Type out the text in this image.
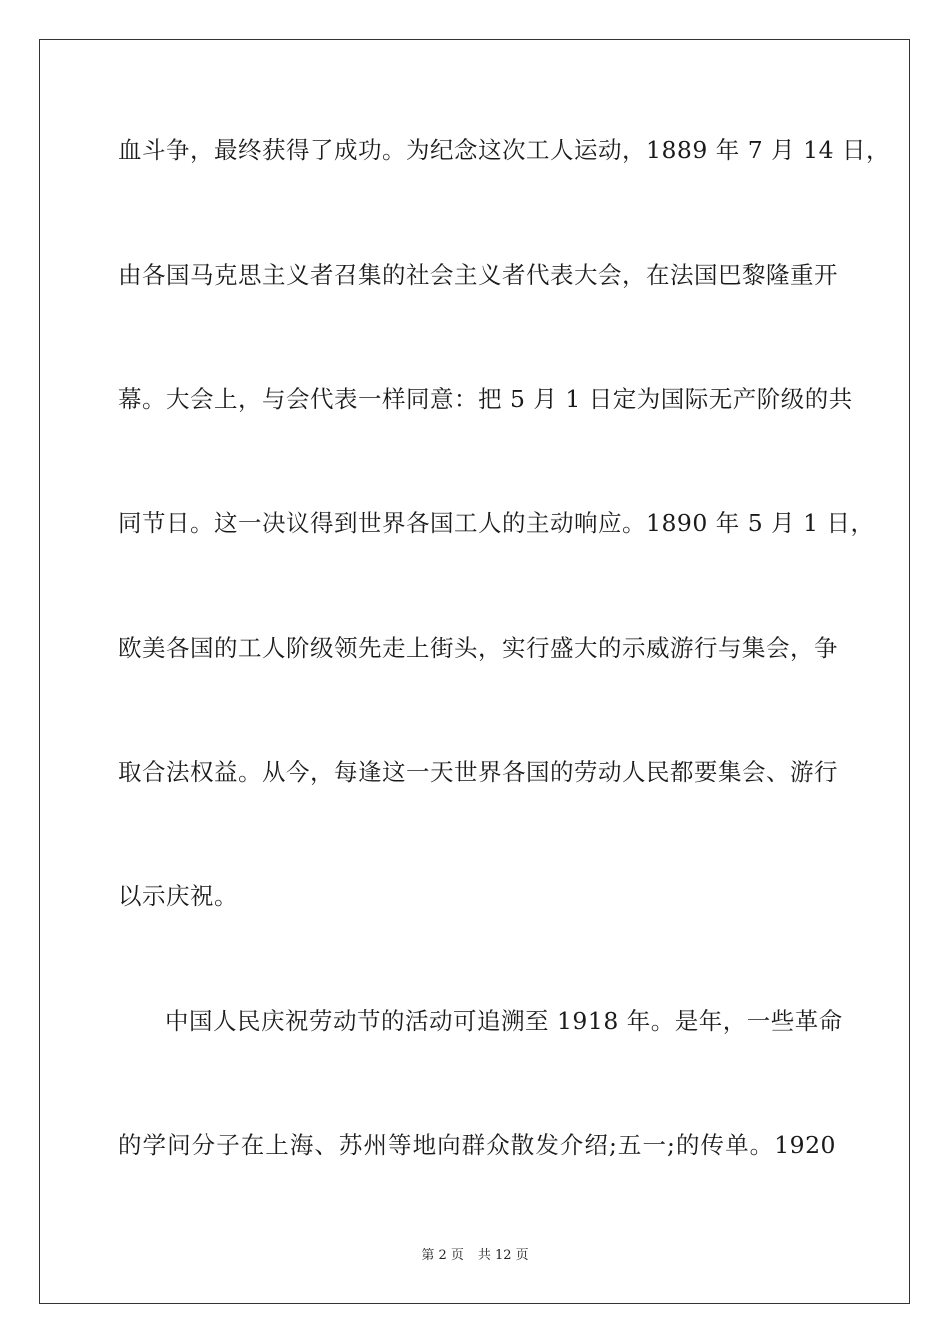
血斗争，最终获得了成功。为纪念这次工人运动，1889 年 7 月 14 日，
由各国马克思主义者召集的社会主义者代表大会，在法国巴黎隆重开
幕。大会上，与会代表一样同意：把 5 月 1 日定为国际无产阶级的共
同节日。这一决议得到世界各国工人的主动响应。1890 年 5 月 1 日，
欧美各国的工人阶级领先走上街头，实行盛大的示威游行与集会，争
取合法权益。从今，每逢这一天世界各国的劳动人民都要集会、游行
以示庆祝。
中国人民庆祝劳动节的活动可追溯至 1918 年。是年，一些革命
的学问分子在上海、苏州等地向群众散发介绍;五一;的传单。1920
第 2 页 共 12 页
